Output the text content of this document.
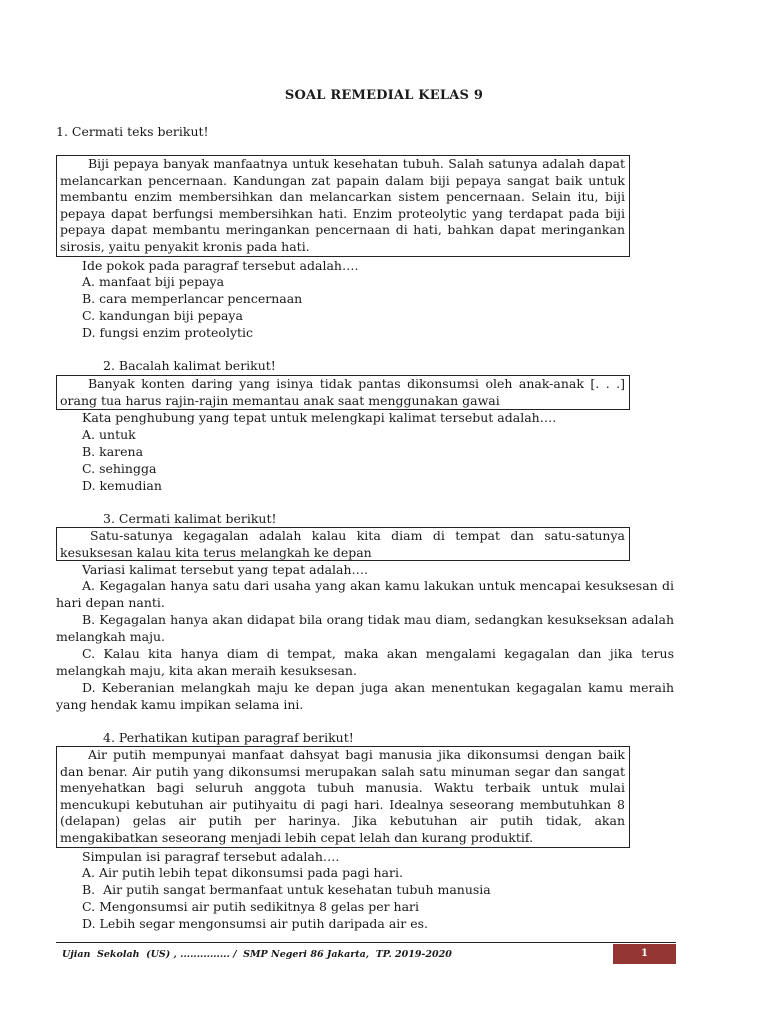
SOAL REMEDIAL KELAS 9
1. Cermati teks berikut!
Biji pepaya banyak manfaatnya untuk kesehatan tubuh. Salah satunya adalah dapat melancarkan pencernaan. Kandungan zat papain dalam biji pepaya sangat baik untuk membantu enzim membersihkan dan melancarkan sistem pencernaan. Selain itu, biji pepaya dapat berfungsi membersihkan hati. Enzim proteolytic yang terdapat pada biji pepaya dapat membantu meringankan pencernaan di hati, bahkan dapat meringankan sirosis, yaitu penyakit kronis pada hati.
Ide pokok pada paragraf tersebut adalah….
A. manfaat biji pepaya
B. cara memperlancar pencernaan
C. kandungan biji pepaya
D. fungsi enzim proteolytic
2. Bacalah kalimat berikut!
Banyak konten daring yang isinya tidak pantas dikonsumsi oleh anak-anak [. . .] orang tua harus rajin-rajin memantau anak saat menggunakan gawai
Kata penghubung yang tepat untuk melengkapi kalimat tersebut adalah….
A. untuk
B. karena
C. sehingga
D. kemudian
3. Cermati kalimat berikut!
Satu-satunya kegagalan adalah kalau kita diam di tempat dan satu-satunya kesuksesan kalau kita terus melangkah ke depan
Variasi kalimat tersebut yang tepat adalah….
A. Kegagalan hanya satu dari usaha yang akan kamu lakukan untuk mencapai kesuksesan di hari depan nanti.
B. Kegagalan hanya akan didapat bila orang tidak mau diam, sedangkan kesukseksan adalah melangkah maju.
C. Kalau kita hanya diam di tempat, maka akan mengalami kegagalan dan jika terus melangkah maju, kita akan meraih kesuksesan.
D. Keberanian melangkah maju ke depan juga akan menentukan kegagalan kamu meraih yang hendak kamu impikan selama ini.
4. Perhatikan kutipan paragraf berikut!
Air putih mempunyai manfaat dahsyat bagi manusia jika dikonsumsi dengan baik dan benar. Air putih yang dikonsumsi merupakan salah satu minuman segar dan sangat menyehatkan bagi seluruh anggota tubuh manusia. Waktu terbaik untuk mulai mencukupi kebutuhan air putihyaitu di pagi hari. Idealnya seseorang membutuhkan 8 (delapan) gelas air putih per harinya. Jika kebutuhan air putih tidak, akan mengakibatkan seseorang menjadi lebih cepat lelah dan kurang produktif.
Simpulan isi paragraf tersebut adalah….
A. Air putih lebih tepat dikonsumsi pada pagi hari.
B.  Air putih sangat bermanfaat untuk kesehatan tubuh manusia
C. Mengonsumsi air putih sedikitnya 8 gelas per hari
D. Lebih segar mengonsumsi air putih daripada air es.
Ujian  Sekolah  (US) , ............... /  SMP Negeri 86 Jakarta,  TP. 2019-2020	1
